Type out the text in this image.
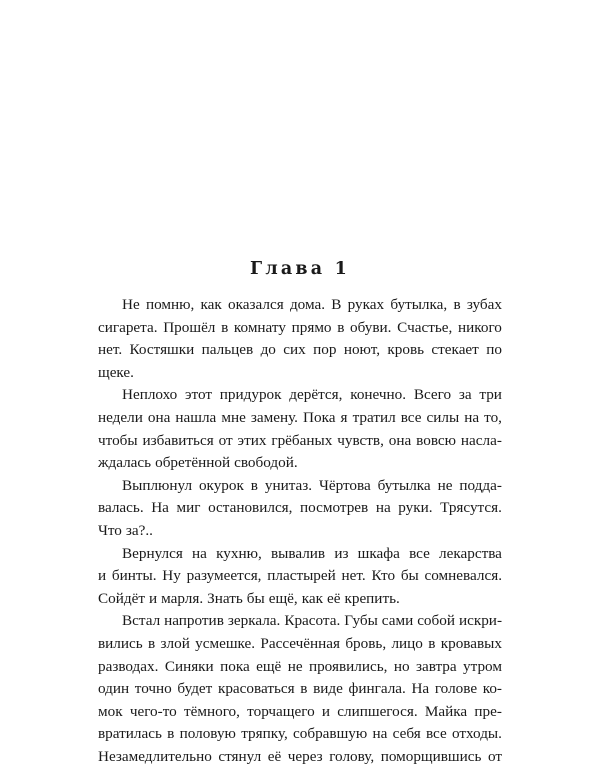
Глава 1
Не помню, как оказался дома. В руках бутылка, в зубах
сигарета. Прошёл в комнату прямо в обуви. Счастье, никого
нет. Костяшки пальцев до сих пор ноют, кровь стекает по
щеке.
Неплохо этот придурок дерётся, конечно. Всего за три
недели она нашла мне замену. Пока я тратил все силы на то,
чтобы избавиться от этих грёбаных чувств, она вовсю насла-
ждалась обретённой свободой.
Выплюнул окурок в унитаз. Чёртова бутылка не подда-
валась. На миг остановился, посмотрев на руки. Трясутся.
Что за?..
Вернулся на кухню, вывалив из шкафа все лекарства
и бинты. Ну разумеется, пластырей нет. Кто бы сомневался.
Сойдёт и марля. Знать бы ещё, как её крепить.
Встал напротив зеркала. Красота. Губы сами собой искри-
вились в злой усмешке. Рассечённая бровь, лицо в кровавых
разводах. Синяки пока ещё не проявились, но завтра утром
один точно будет красоваться в виде фингала. На голове ко-
мок чего-то тёмного, торчащего и слипшегося. Майка пре-
вратилась в половую тряпку, собравшую на себя все отходы.
Незамедлительно стянул её через голову, поморщившись от
